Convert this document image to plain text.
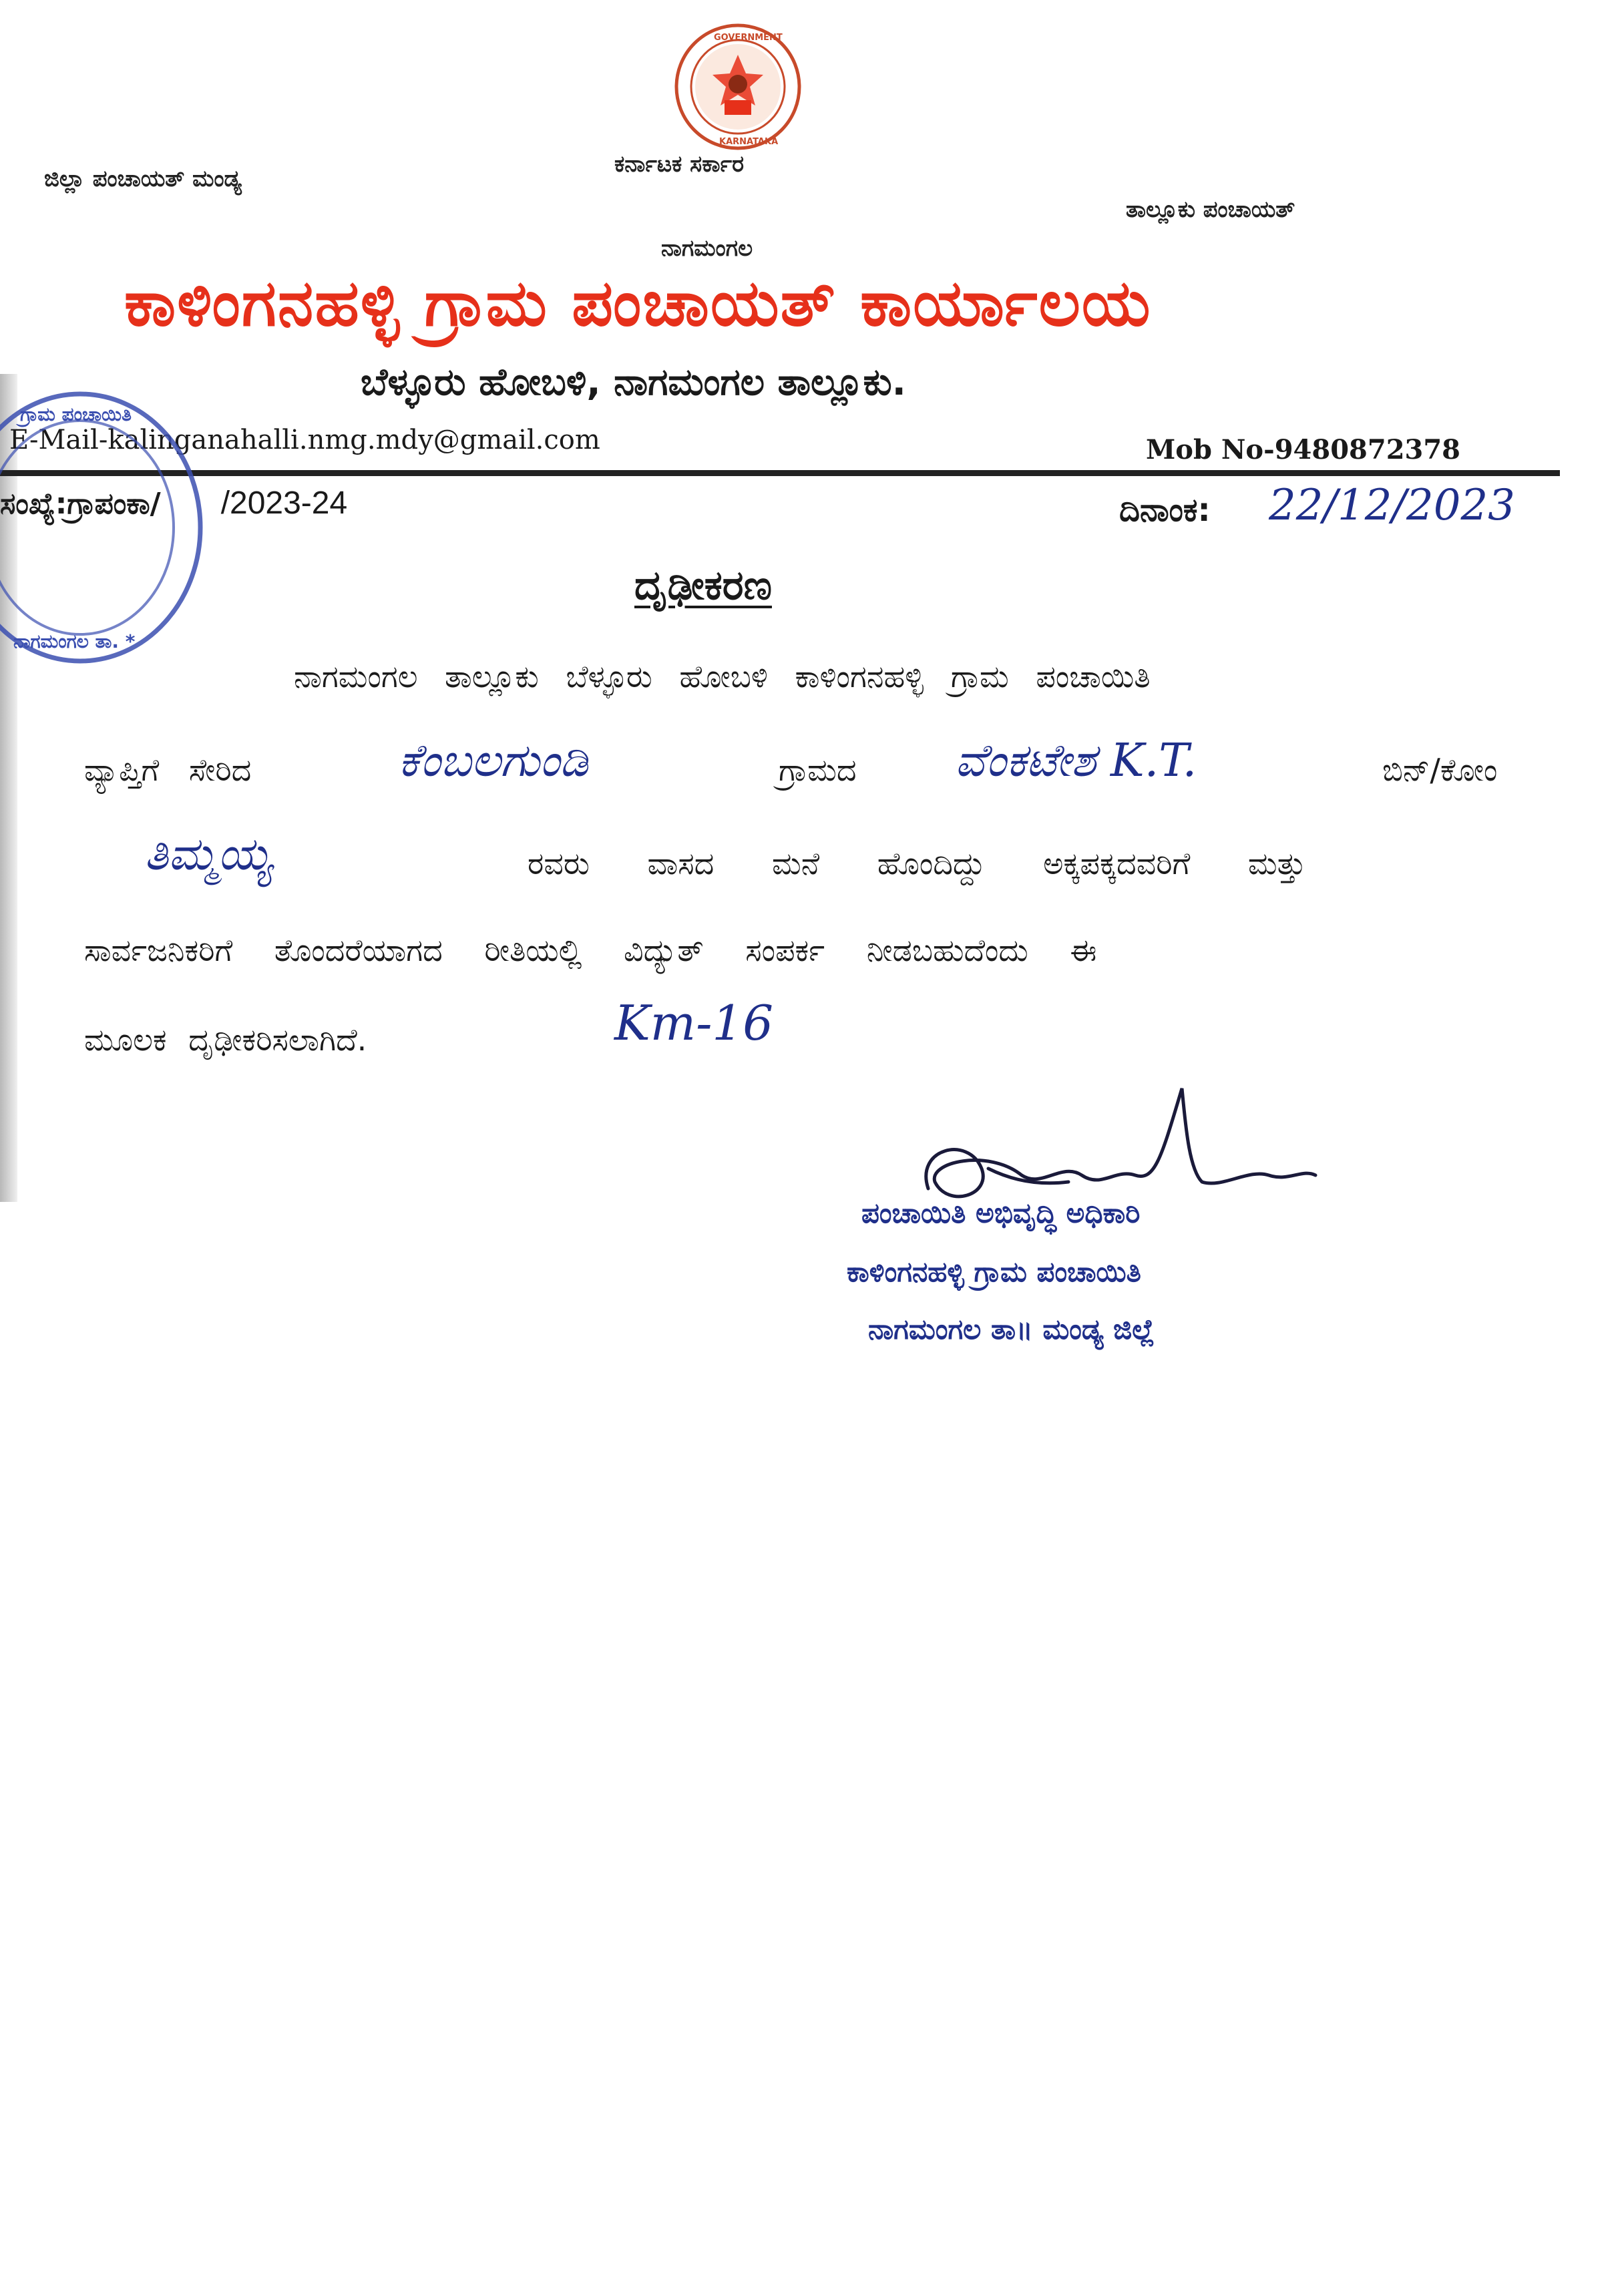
GOVERNMENT
KARNATAKA
ಕರ್ನಾಟಕ ಸರ್ಕಾರ
ಜಿಲ್ಲಾ ಪಂಚಾಯತ್ ಮಂಡ್ಯ
ತಾಲ್ಲೂಕು ಪಂಚಾಯತ್
ನಾಗಮಂಗಲ
ಕಾಳಿಂಗನಹಳ್ಳಿ ಗ್ರಾಮ ಪಂಚಾಯತ್ ಕಾರ್ಯಾಲಯ
ಬೆಳ್ಳೂರು ಹೋಬಳಿ, ನಾಗಮಂಗಲ ತಾಲ್ಲೂಕು.
E-Mail-kalinganahalli.nmg.mdy@gmail.com	Mob No-9480872378
ಸಂಖ್ಯೆ:ಗ್ರಾಪಂಕಾ/ /2023-24	ದಿನಾಂಕ: 22/12/2023
ಗ್ರಾಮ ಪಂಚಾಯಿತಿ
ನಾಗಮಂಗಲ ತಾ. *
ದೃಢೀಕರಣ
ನಾಗಮಂಗಲ ತಾಲ್ಲೂಕು ಬೆಳ್ಳೂರು ಹೋಬಳಿ ಕಾಳಿಂಗನಹಳ್ಳಿ ಗ್ರಾಮ ಪಂಚಾಯಿತಿ
ವ್ಯಾಪ್ತಿಗೆ ಸೇರಿದ	ಕೆಂಬಲಗುಂಡಿ	ಗ್ರಾಮದ ವೆಂಕಟೇಶ K.T.	ಬಿನ್/ಕೋಂ
ತಿಮ್ಮಯ್ಯ	ರವರು ವಾಸದ ಮನೆ ಹೊಂದಿದ್ದು ಅಕ್ಕಪಕ್ಕದವರಿಗೆ ಮತ್ತು
ಸಾರ್ವಜನಿಕರಿಗೆ ತೊಂದರೆಯಾಗದ ರೀತಿಯಲ್ಲಿ ವಿದ್ಯುತ್ ಸಂಪರ್ಕ ನೀಡಬಹುದೆಂದು ಈ
ಮೂಲಕ ದೃಢೀಕರಿಸಲಾಗಿದೆ.	Km-16
ಪಂಚಾಯಿತಿ ಅಭಿವೃದ್ಧಿ ಅಧಿಕಾರಿ
ಕಾಳಿಂಗನಹಳ್ಳಿ ಗ್ರಾಮ ಪಂಚಾಯಿತಿ
ನಾಗಮಂಗಲ ತಾ॥ ಮಂಡ್ಯ ಜಿಲ್ಲೆ
